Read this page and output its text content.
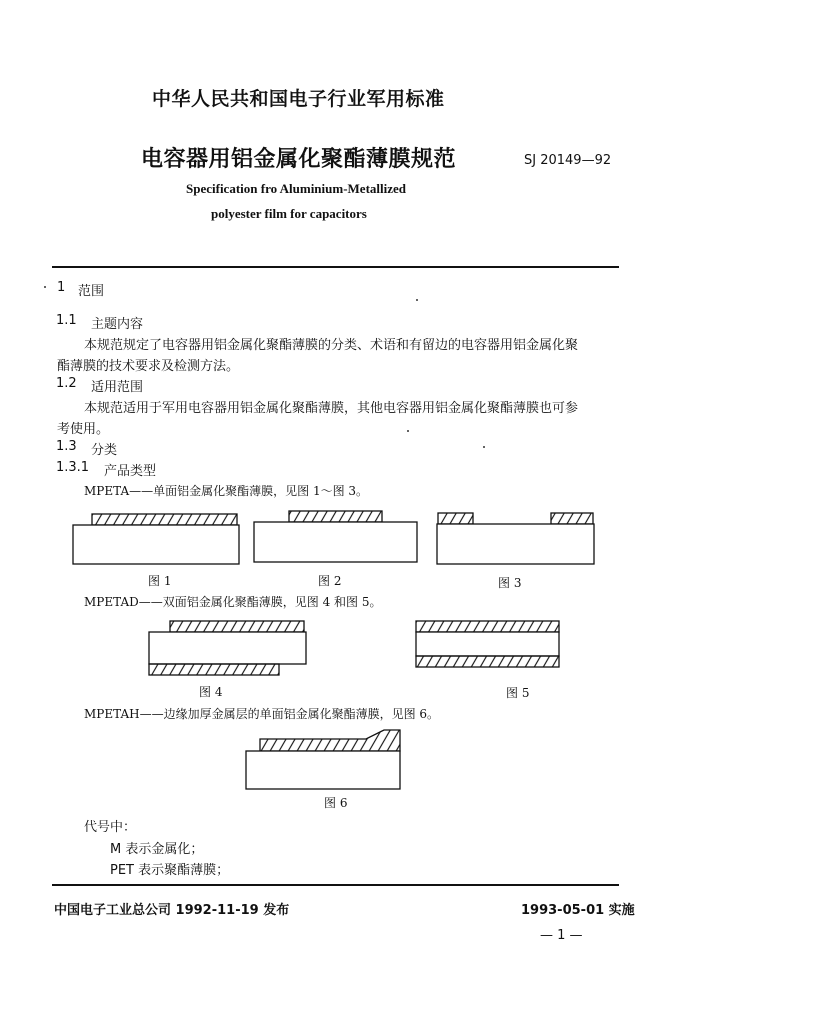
中华人民共和国电子行业军用标准
电容器用铝金属化聚酯薄膜规范	SJ 20149—92
Specification fro Aluminium-Metallized
polyester film for capacitors
1 范围
1.1 主题内容
本规范规定了电容器用铝金属化聚酯薄膜的分类、术语和有留边的电容器用铝金属化聚
酯薄膜的技术要求及检测方法。
1.2 适用范围
本规范适用于军用电容器用铝金属化聚酯薄膜，其他电容器用铝金属化聚酯薄膜也可参
考使用。
1.3 分类
1.3.1 产品类型
MPETA——单面铝金属化聚酯薄膜，见图 1～图 3。
图 1	图 2	图 3
MPETAD——双面铝金属化聚酯薄膜，见图 4 和图 5。
图 4	图 5
MPETAH——边缘加厚金属层的单面铝金属化聚酯薄膜，见图 6。
图 6
代号中：
M 表示金属化；
PET 表示聚酯薄膜；
中国电子工业总公司 1992-11-19 发布	1993-05-01 实施
— 1 —
